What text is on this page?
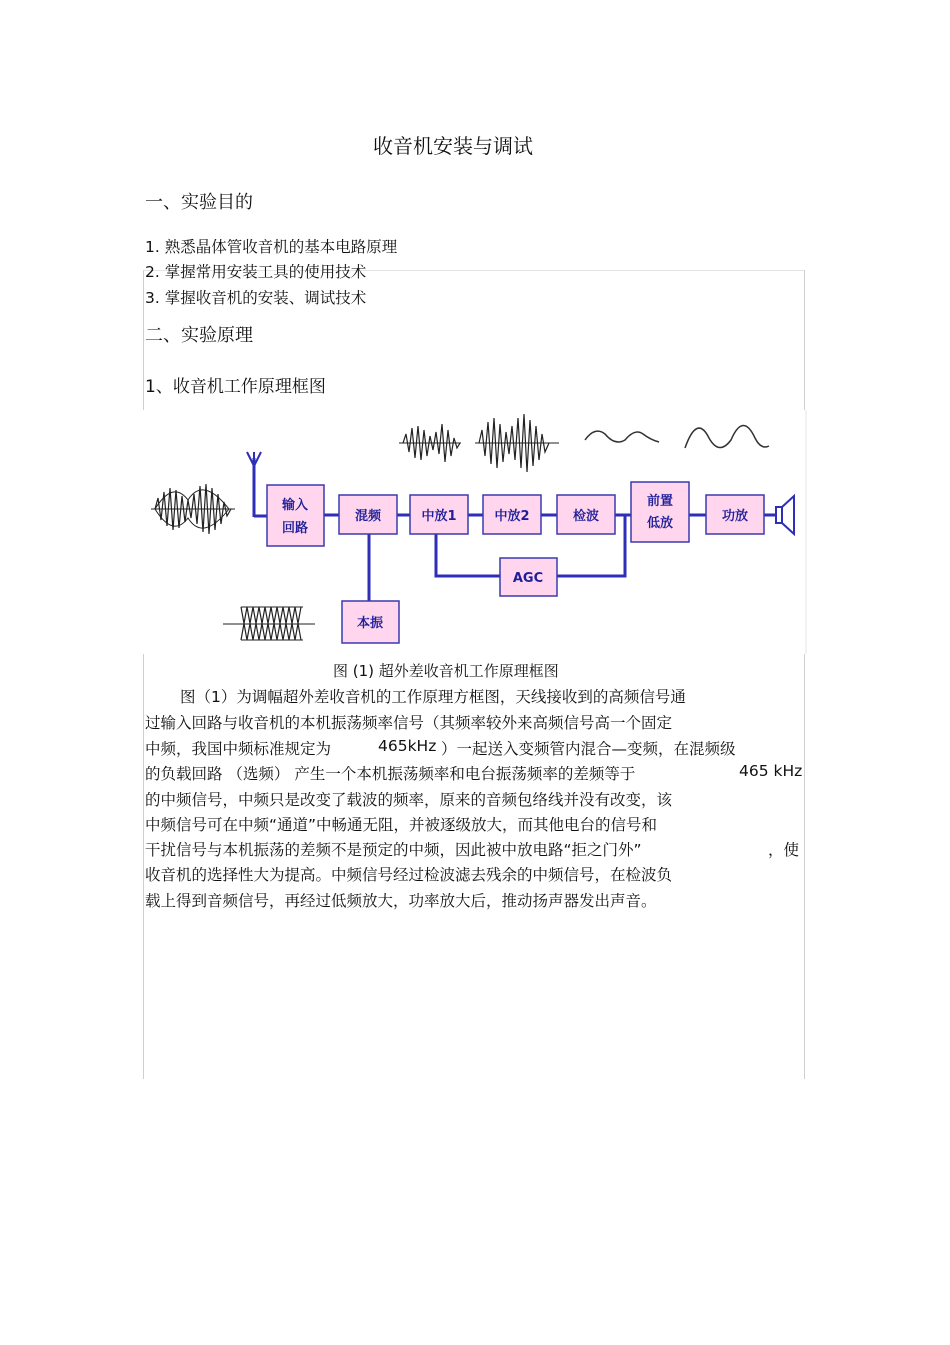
收音机安装与调试
一、实验目的
1. 熟悉晶体管收音机的基本电路原理
2. 掌握常用安装工具的使用技术
3. 掌握收音机的安装、调试技术
二、实验原理
1、收音机工作原理框图
输入
回路
混频	中放1	中放2	检波
前置
低放	功放
AGC
本振
图 (1) 超外差收音机工作原理框图
图（1）为调幅超外差收音机的工作原理方框图，天线接收到的高频信号通
过输入回路与收音机的本机振荡频率信号（其频率较外来高频信号高一个固定
中频，我国中频标准规定为	465kHz ）一起送入变频管内混合—变频，在混频级
的负载回路 （选频） 产生一个本机振荡频率和电台振荡频率的差频等于	465 kHz
的中频信号，中频只是改变了载波的频率，原来的音频包络线并没有改变，该
中频信号可在中频“通道”中畅通无阻，并被逐级放大，而其他电台的信号和
干扰信号与本机振荡的差频不是预定的中频，因此被中放电路“拒之门外”	，使
收音机的选择性大为提高。中频信号经过检波滤去残余的中频信号，在检波负
载上得到音频信号，再经过低频放大，功率放大后，推动扬声器发出声音。
